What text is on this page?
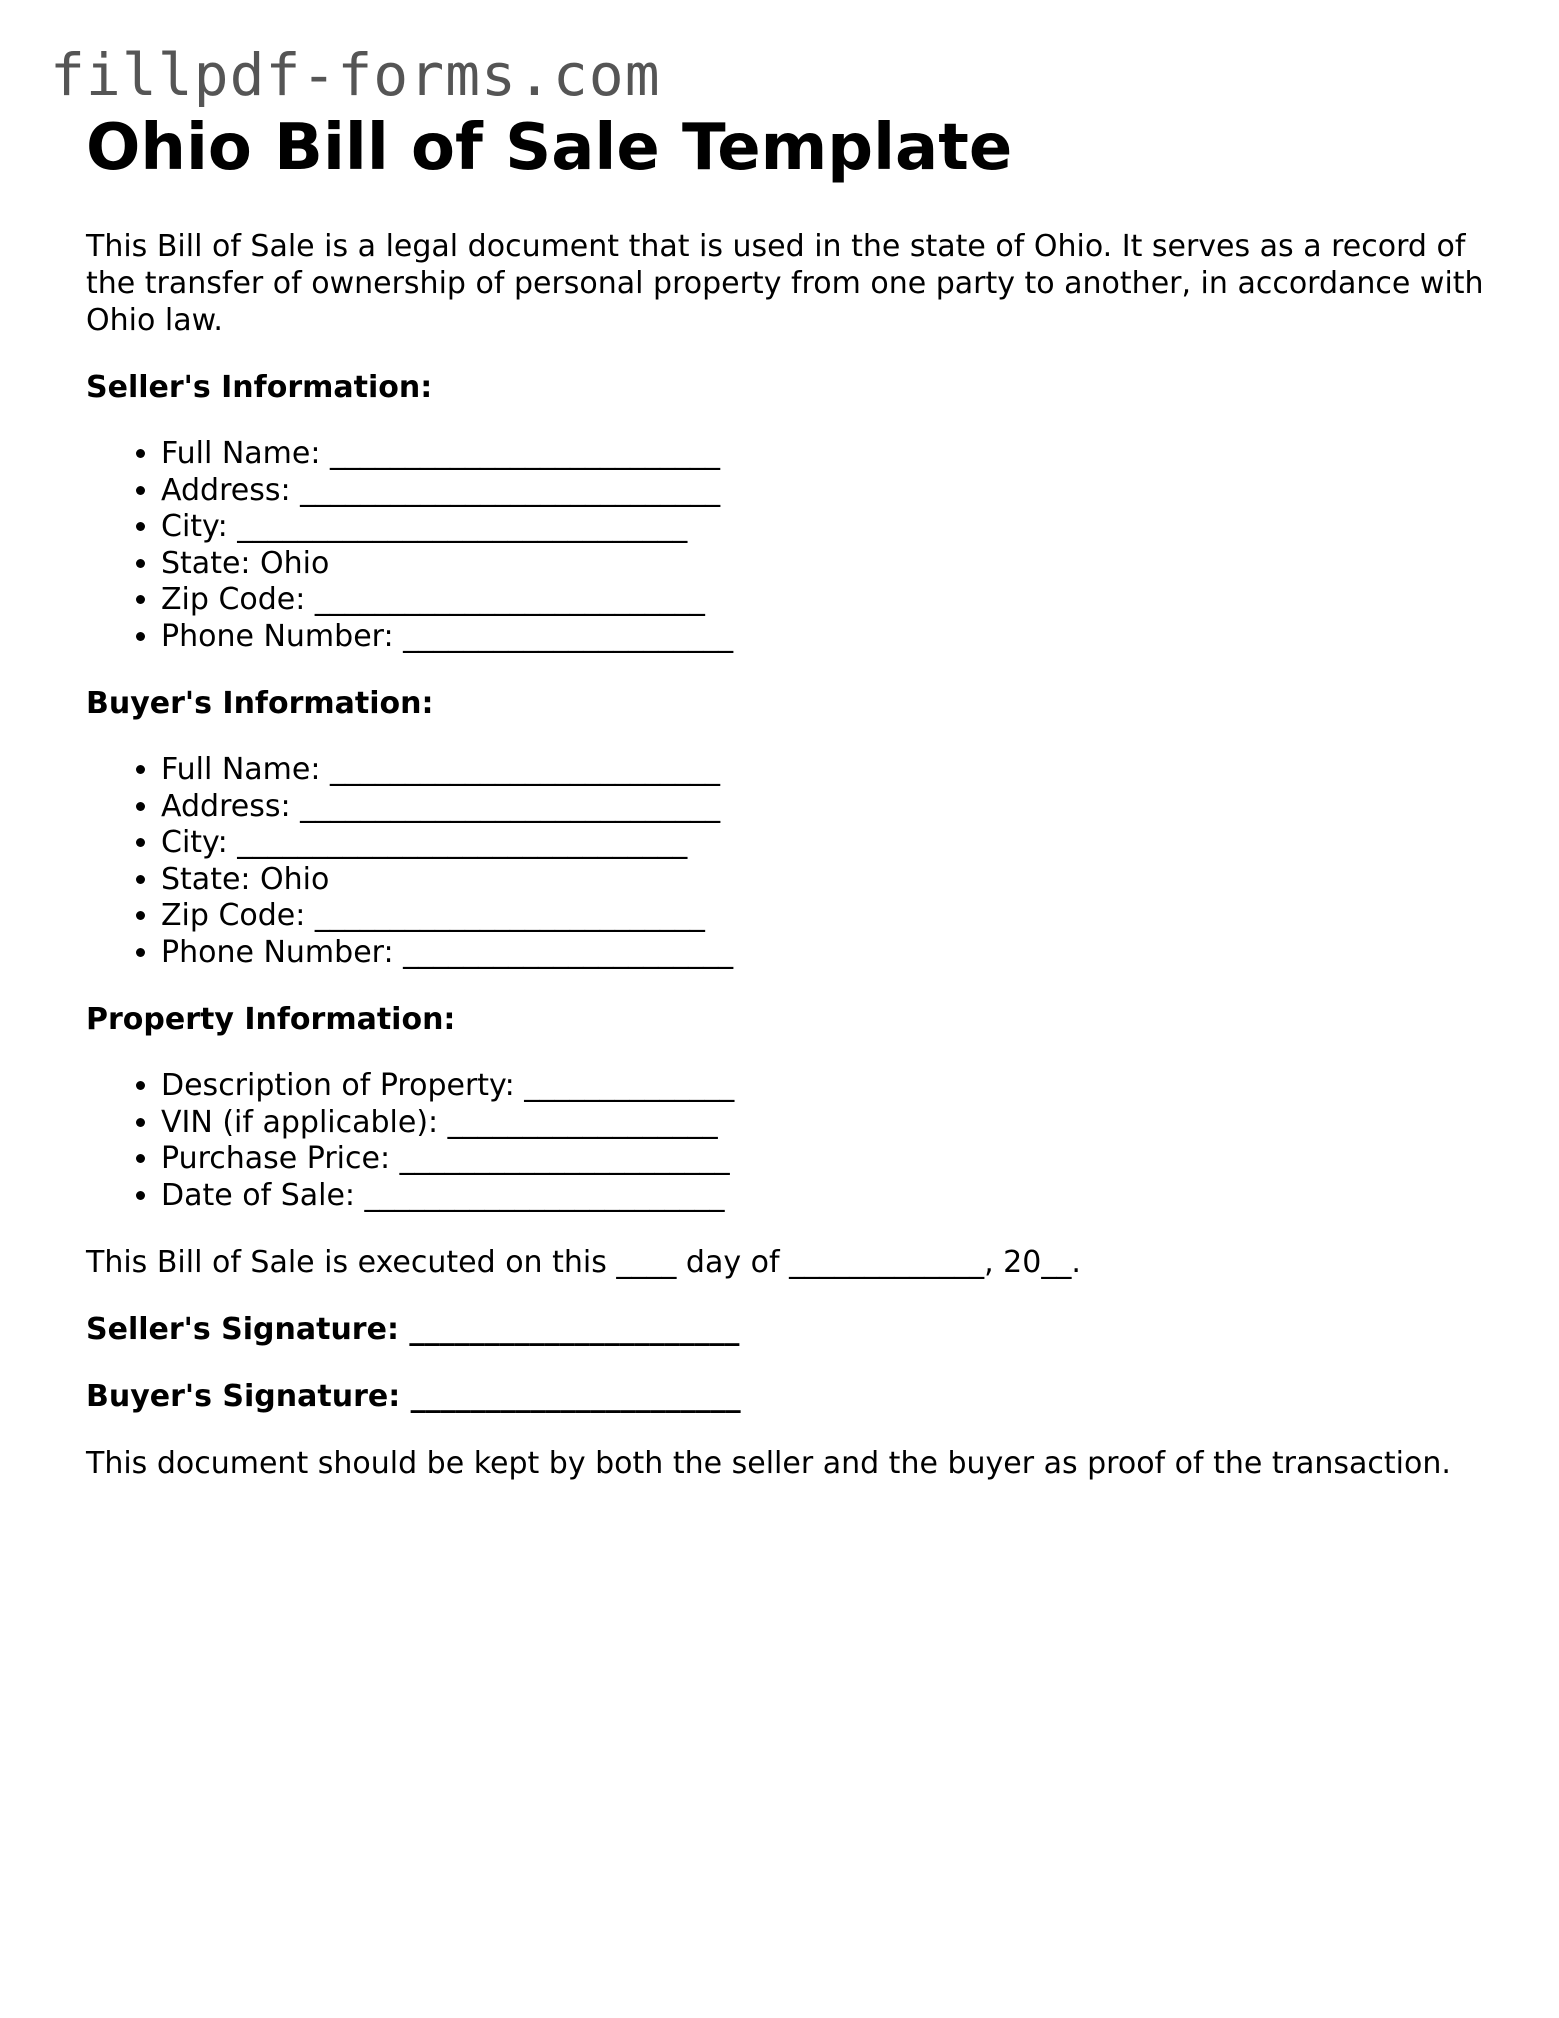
fillpdf-forms.com
Ohio Bill of Sale Template

This Bill of Sale is a legal document that is used in the state of Ohio. It serves as a record of the transfer of ownership of personal property from one party to another, in accordance with Ohio law.

Seller's Information:

• Full Name: __________________________
• Address: ____________________________
• City: ______________________________
• State: Ohio
• Zip Code: __________________________
• Phone Number: ______________________

Buyer's Information:

• Full Name: __________________________
• Address: ____________________________
• City: ______________________________
• State: Ohio
• Zip Code: __________________________
• Phone Number: ______________________

Property Information:

• Description of Property: ______________
• VIN (if applicable): __________________
• Purchase Price: ______________________
• Date of Sale: ________________________

This Bill of Sale is executed on this ____ day of _____________, 20__.

Seller's Signature: ______________________

Buyer's Signature: ______________________

This document should be kept by both the seller and the buyer as proof of the transaction.
